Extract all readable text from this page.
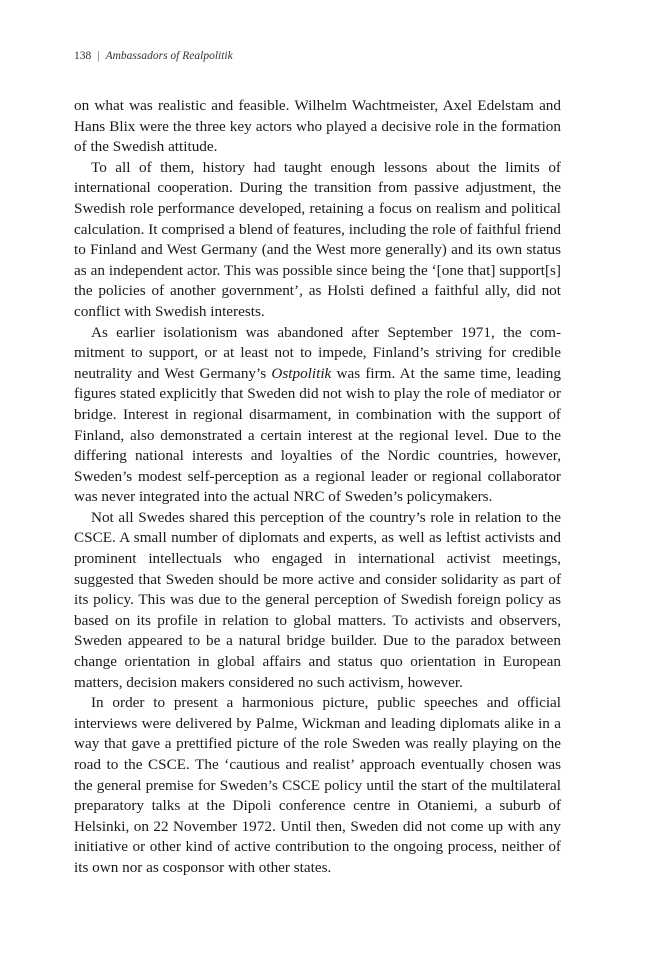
138 | Ambassadors of Realpolitik

on what was realistic and feasible. Wilhelm Wachtmeister, Axel Edelstam and Hans Blix were the three key actors who played a decisive role in the formation of the Swedish attitude.

To all of them, history had taught enough lessons about the limits of international cooperation. During the transition from passive adjustment, the Swedish role performance developed, retaining a focus on realism and political calculation. It comprised a blend of features, including the role of faithful friend to Finland and West Germany (and the West more generally) and its own status as an independent actor. This was possible since being the ‘[one that] support[s] the policies of another government’, as Holsti defined a faithful ally, did not conflict with Swedish interests.

As earlier isolationism was abandoned after September 1971, the commitment to support, or at least not to impede, Finland’s striving for credible neutrality and West Germany’s Ostpolitik was firm. At the same time, leading figures stated explicitly that Sweden did not wish to play the role of mediator or bridge. Interest in regional disarmament, in combination with the support of Finland, also demonstrated a certain interest at the regional level. Due to the differing national interests and loyalties of the Nordic countries, however, Sweden’s modest self-perception as a regional leader or regional collaborator was never integrated into the actual NRC of Sweden’s policymakers.

Not all Swedes shared this perception of the country’s role in relation to the CSCE. A small number of diplomats and experts, as well as leftist activists and prominent intellectuals who engaged in international activist meetings, suggested that Sweden should be more active and consider solidarity as part of its policy. This was due to the general perception of Swedish foreign policy as based on its profile in relation to global matters. To activists and observers, Sweden appeared to be a natural bridge builder. Due to the paradox between change orientation in global affairs and status quo orientation in European matters, decision makers considered no such activism, however.

In order to present a harmonious picture, public speeches and official interviews were delivered by Palme, Wickman and leading diplomats alike in a way that gave a prettified picture of the role Sweden was really playing on the road to the CSCE. The ‘cautious and realist’ approach eventually chosen was the general premise for Sweden’s CSCE policy until the start of the multilateral preparatory talks at the Dipoli conference centre in Otaniemi, a suburb of Helsinki, on 22 November 1972. Until then, Sweden did not come up with any initiative or other kind of active contribution to the ongoing process, neither of its own nor as cosponsor with other states.
